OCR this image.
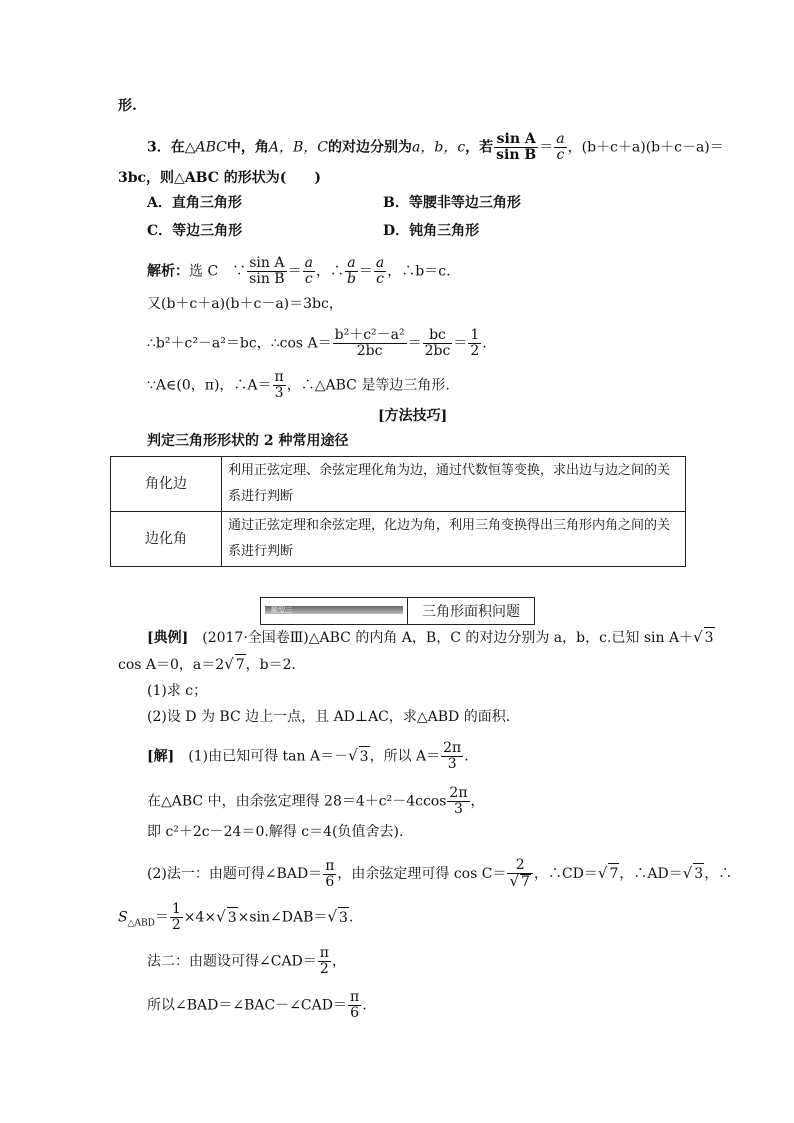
形.
3．在△ABC中，角A，B，C的对边分别为a，b，c，若 $\frac{\text{sin A}}{\text{sin B}} = \frac{a}{c}$ ，(b＋c＋a)(b＋c－a)＝
3bc，则△ABC 的形状为(　　)
A．直角三角形	B．等腰非等边三角形
C．等边三角形	D．钝角三角形
解析：选 C　∵ $\frac{\text{sin A}}{\text{sin B}} = \frac{a}{c}$ ，∴ $\frac{a}{b} = \frac{a}{c}$ ，∴b＝c.
又(b＋c＋a)(b＋c－a)＝3bc，
∴b²＋c²－a²＝bc，∴cos $A= \frac{\text{b²＋c²－a²}}{2bc} = \frac{bc}{2bc} = \frac{1}{2}$ .
∵A∈(0，π)，∴A＝ $\frac{\pi}{3}$ ，∴△ABC 是等边三角形.
[方法技巧]
判定三角形形状的 2 种常用途径
角化边	利用正弦定理、余弦定理化角为边，通过代数恒等变换，求出边与边之间的关系进行判断
边化角	通过正弦定理和余弦定理，化边为角，利用三角变换得出三角形内角之间的关系进行判断
题型三	三角形面积问题
[典例]　 (2017·全国卷Ⅲ)△ABC 的内角 A，B，C 的对边分别为 a，b，c.已知 sin A＋√ 3
cos A＝0，a＝2√ 7，b＝2.
(1)求 c；
(2)设 D 为 BC 边上一点，且 AD⊥AC，求△ABD 的面积.
[解]　 (1)由已知可得 tan A＝－√ 3，所以 $A= \frac{2\pi}{3}$ .
在△ABC 中，由余弦定理得 $28=4+c^2-4ccos \frac{2\pi}{3}$ ，
即 c²＋2c－24＝0.解得 c＝4(负值舍去).
(2)法一：由题可得∠BAD＝ $\frac{\pi}{6}$ ，由余弦定理可得 $\cos C= \frac{2}{√ 7}$ ，∴CD＝√ 7，∴AD＝√ 3，∴
$S_{\triangle ABD}= \frac{1}{2} \times 4\times√$ 3×sin∠DAB＝√ 3.
法二：由题设可得∠CAD＝ $\frac{\pi}{2}$ ，
所以∠BAD＝∠BAC－∠CAD＝ $\frac{\pi}{6}$ .
